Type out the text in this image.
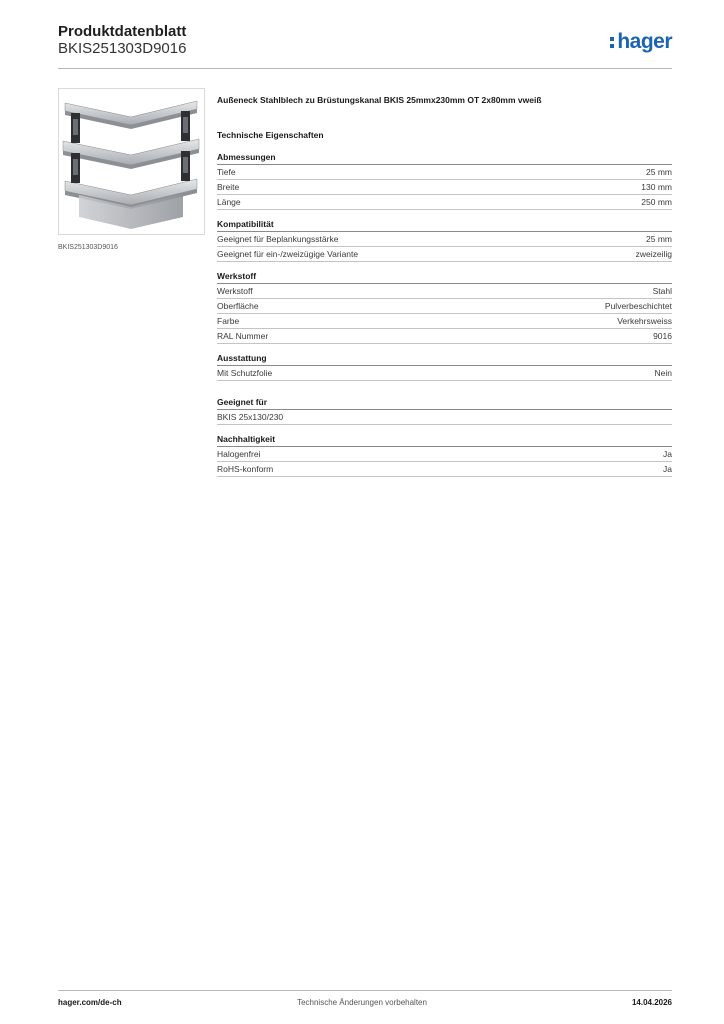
Produktdatenblatt
BKIS251303D9016	hager
BKIS251303D9016
Außeneck Stahlblech zu Brüstungskanal BKIS 25mmx230mm OT 2x80mm vweiß
Technische Eigenschaften
Abmessungen
Tiefe	25 mm
Breite	130 mm
Länge	250 mm
Kompatibilität
Geeignet für Beplankungsstärke	25 mm
Geeignet für ein-/zweizügige Variante	zweizeilig
Werkstoff
Werkstoff	Stahl
Oberfläche	Pulverbeschichtet
Farbe	Verkehrsweiss
RAL Nummer	9016
Ausstattung
Mit Schutzfolie	Nein
Geeignet für
BKIS 25x130/230
Nachhaltigkeit
Halogenfrei	Ja
RoHS-konform	Ja
hager.com/de-ch	Technische Änderungen vorbehalten	14.04.2026
